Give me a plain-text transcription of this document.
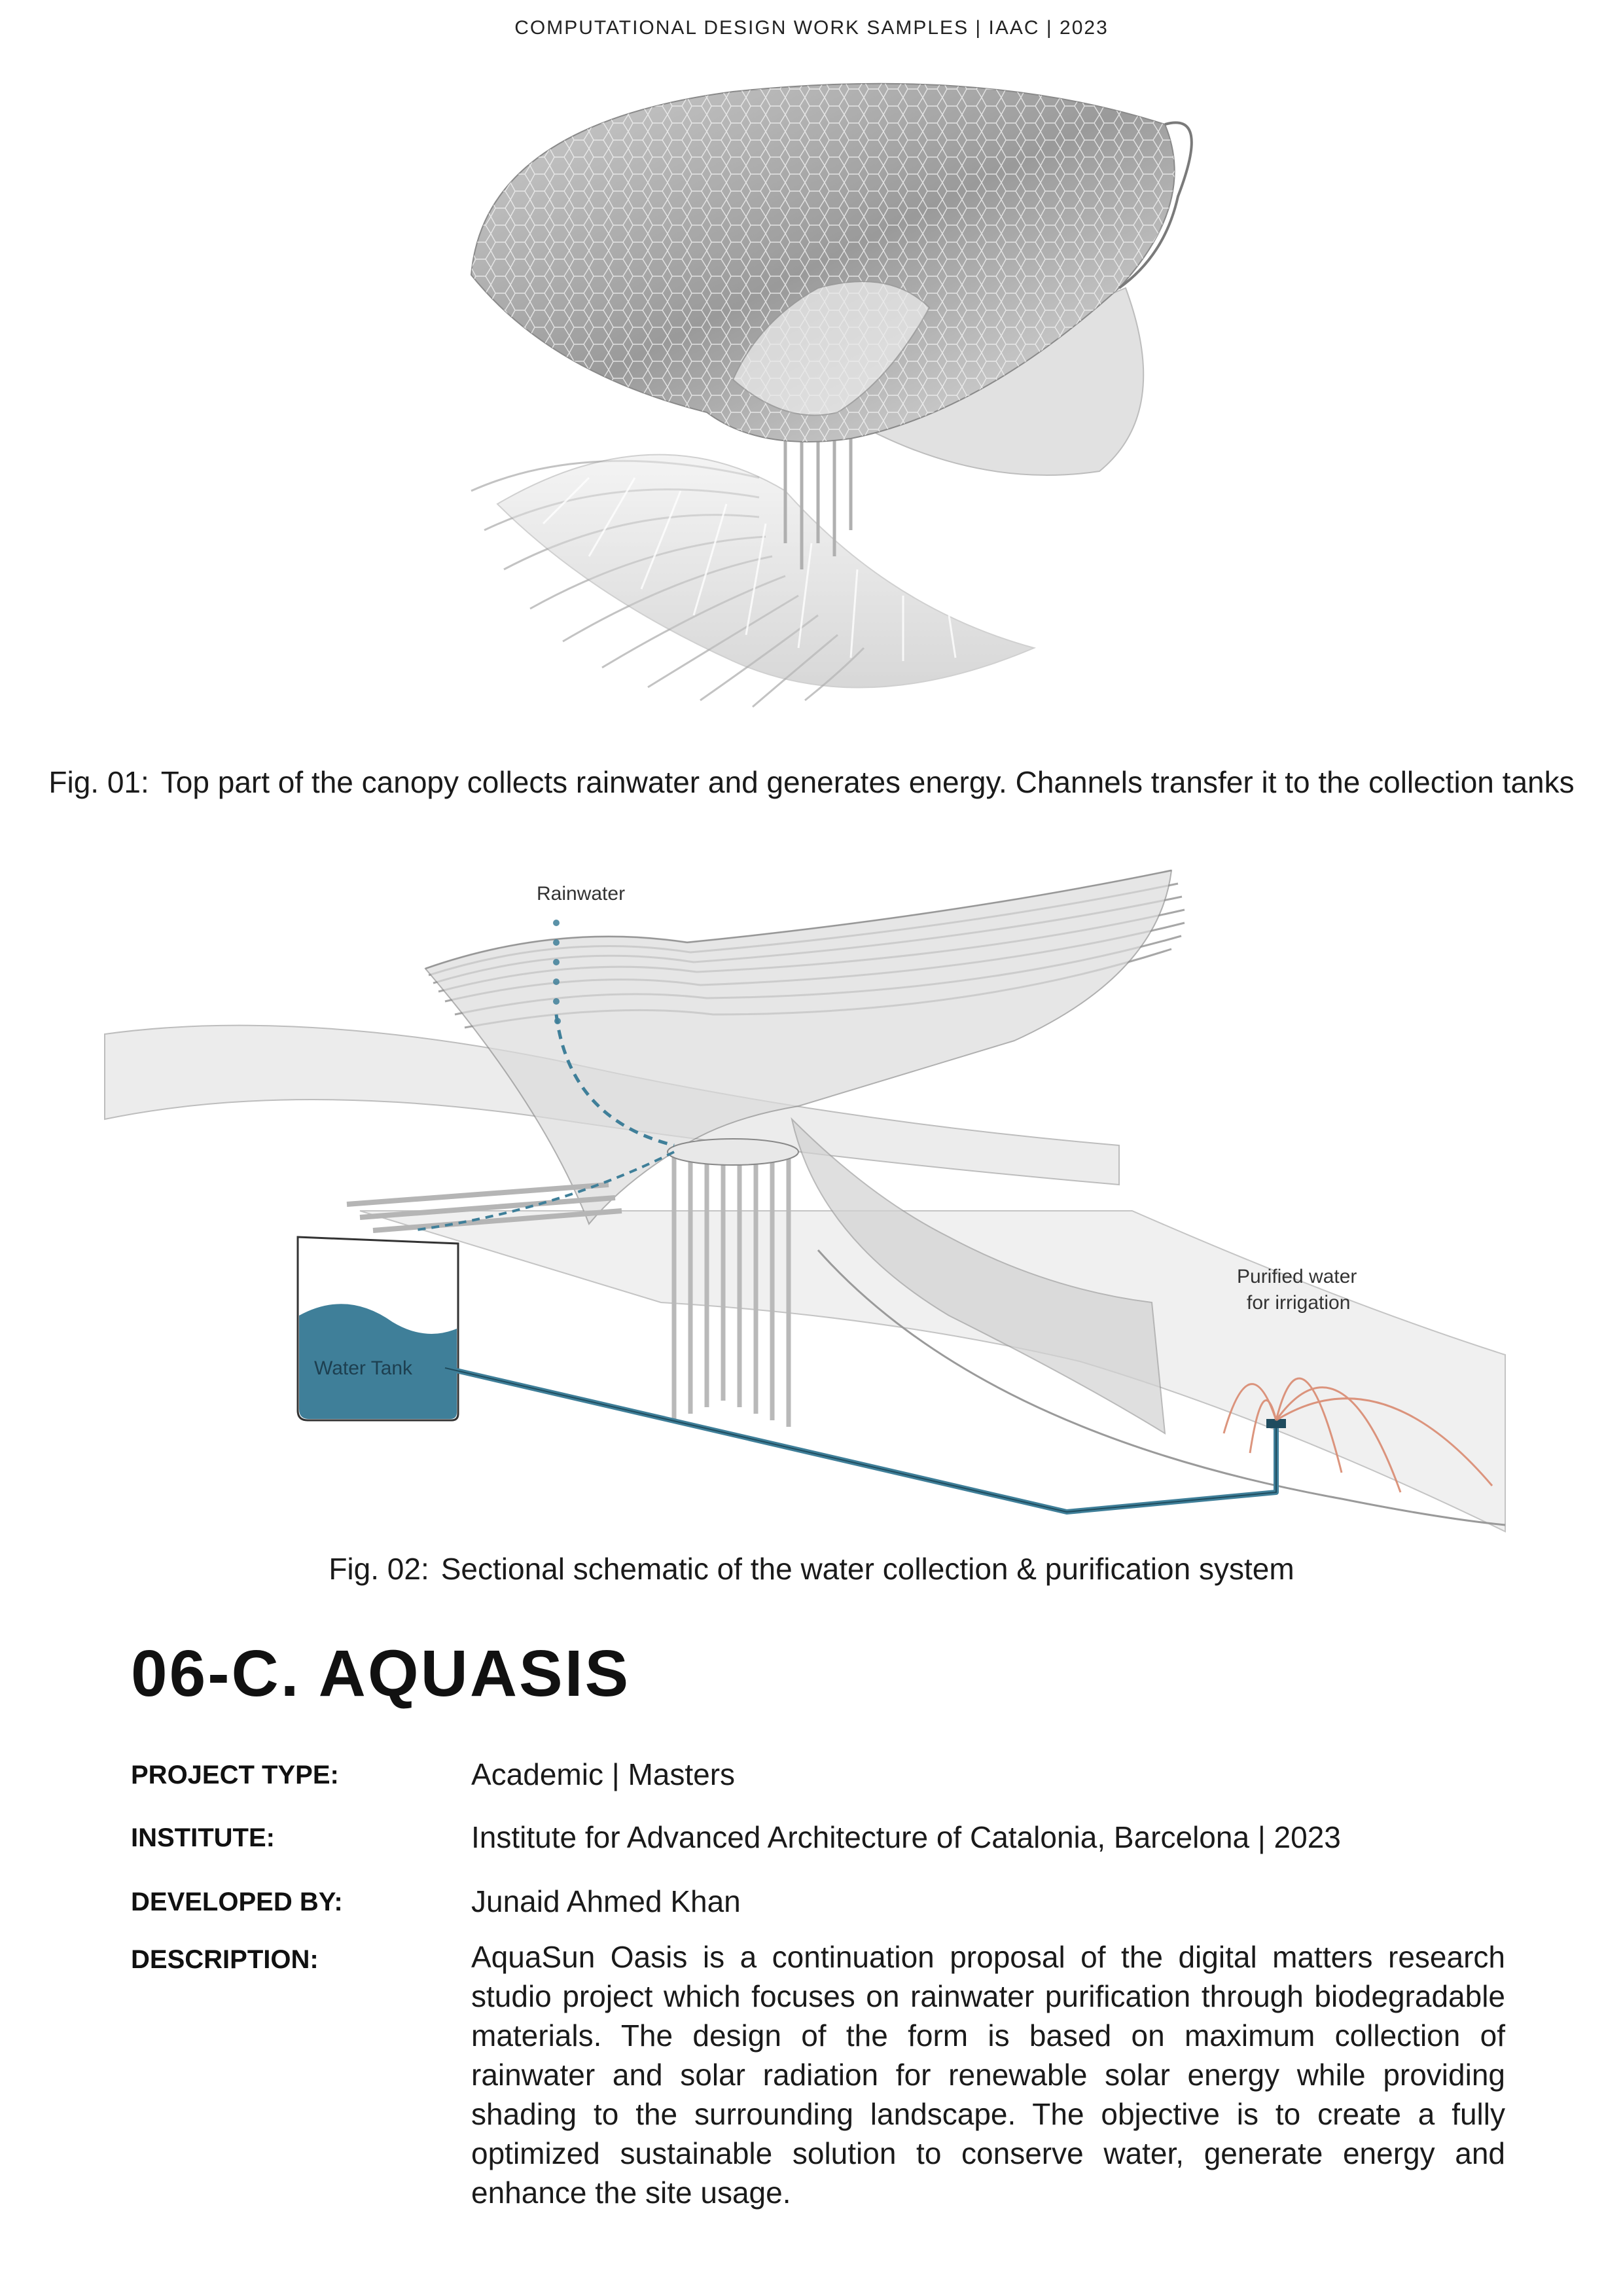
COMPUTATIONAL DESIGN WORK SAMPLES | IAAC | 2023
Fig. 01: Top part of the canopy collects rainwater and generates energy. Channels transfer it to the collection tanks
Rainwater
Water Tank
Purified water
for irrigation
Fig. 02: Sectional schematic of the water collection & purification system
06-C. AQUASIS
PROJECT TYPE:	Academic | Masters
INSTITUTE:	Institute for Advanced Architecture of Catalonia, Barcelona | 2023
DEVELOPED BY:	Junaid Ahmed Khan
DESCRIPTION:	AquaSun Oasis is a continuation proposal of the digital matters research studio project which focuses on rainwater purification through biodegradable materials. The design of the form is based on maximum collection of rainwater and solar radiation for renewable solar energy while providing shading to the surrounding landscape. The objective is to create a fully optimized sustainable solution to conserve water, generate energy and enhance the site usage.
